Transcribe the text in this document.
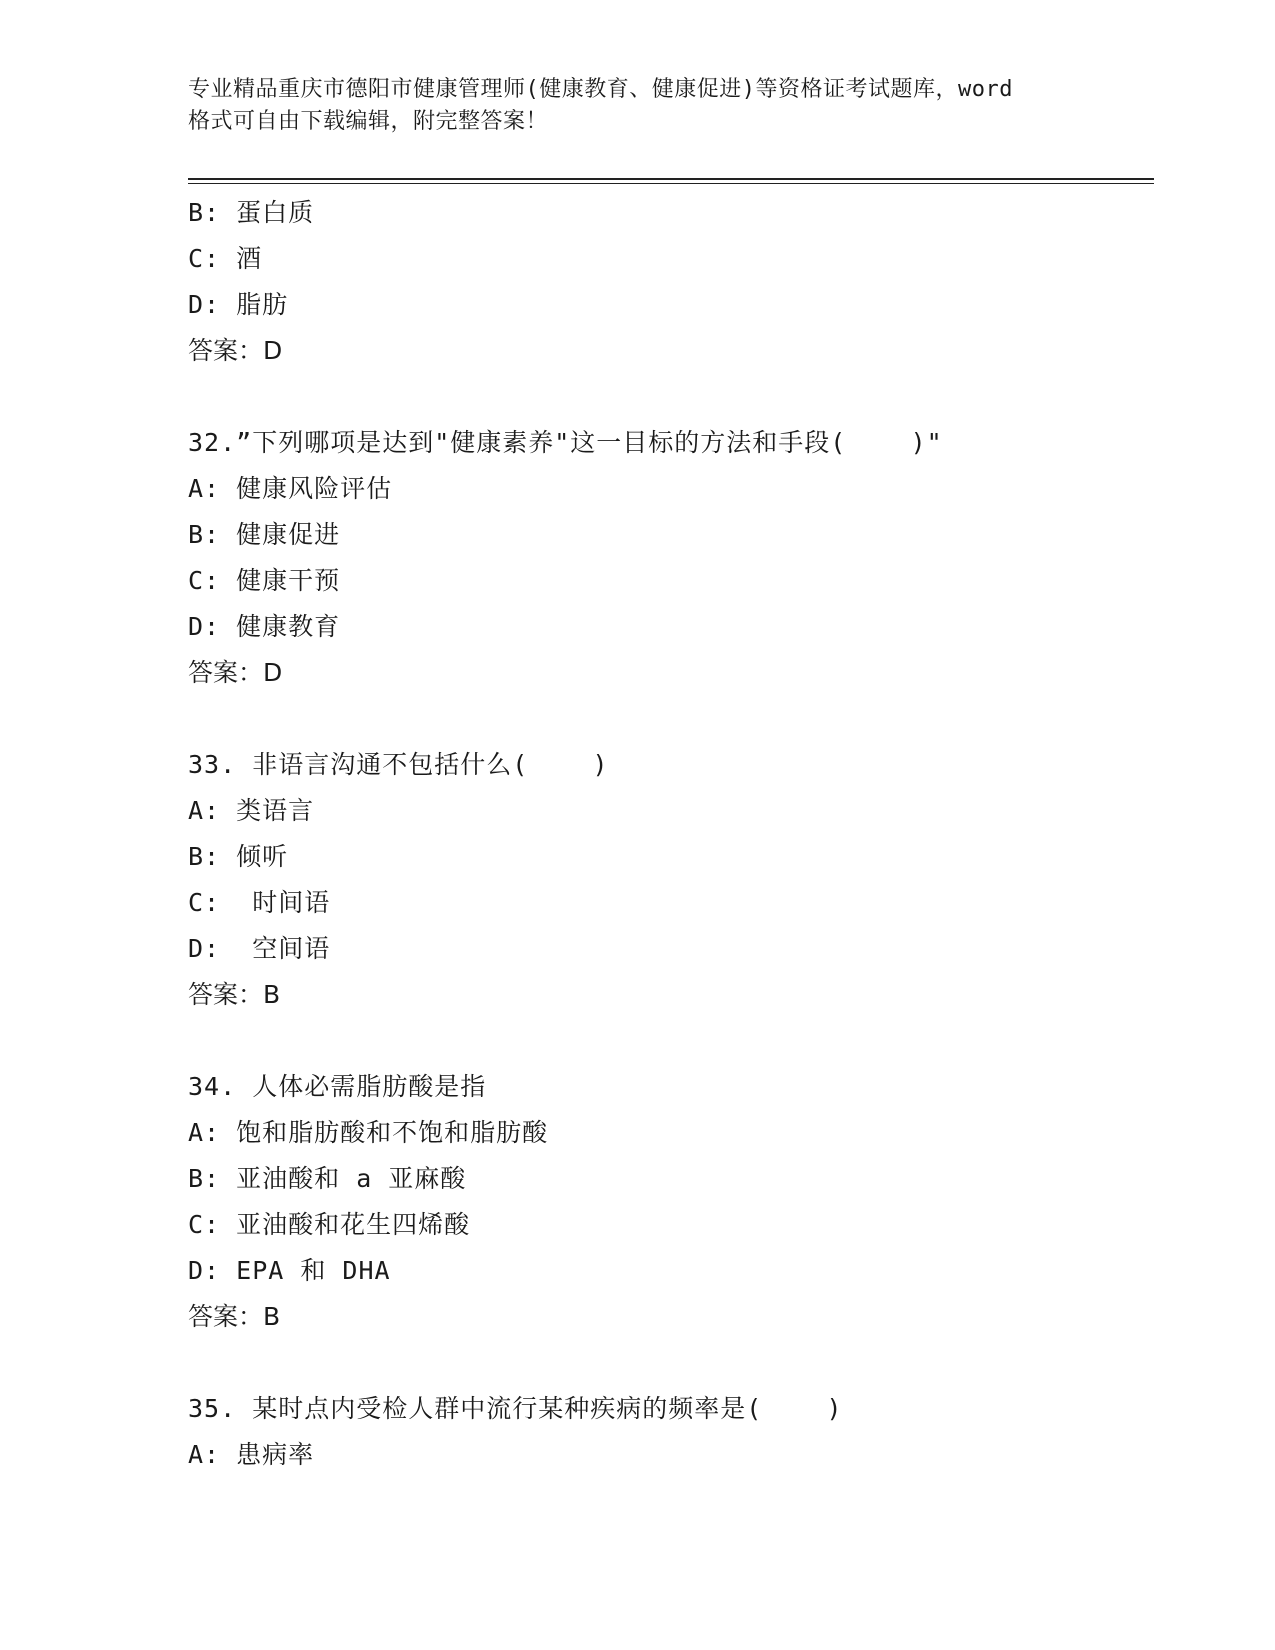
专业精品重庆市德阳市健康管理师(健康教育、健康促进)等资格证考试题库，word
格式可自由下载编辑，附完整答案！
B: 蛋白质
C: 酒
D: 脂肪
答案：D
32.”下列哪项是达到"健康素养"这一目标的方法和手段(    )"
A: 健康风险评估
B: 健康促进
C: 健康干预
D: 健康教育
答案：D
33. 非语言沟通不包括什么(    )
A: 类语言
B: 倾听
C:  时间语
D:  空间语
答案：B
34. 人体必需脂肪酸是指
A: 饱和脂肪酸和不饱和脂肪酸
B: 亚油酸和 a 亚麻酸
C: 亚油酸和花生四烯酸
D: EPA 和 DHA
答案：B
35. 某时点内受检人群中流行某种疾病的频率是(    )
A: 患病率
